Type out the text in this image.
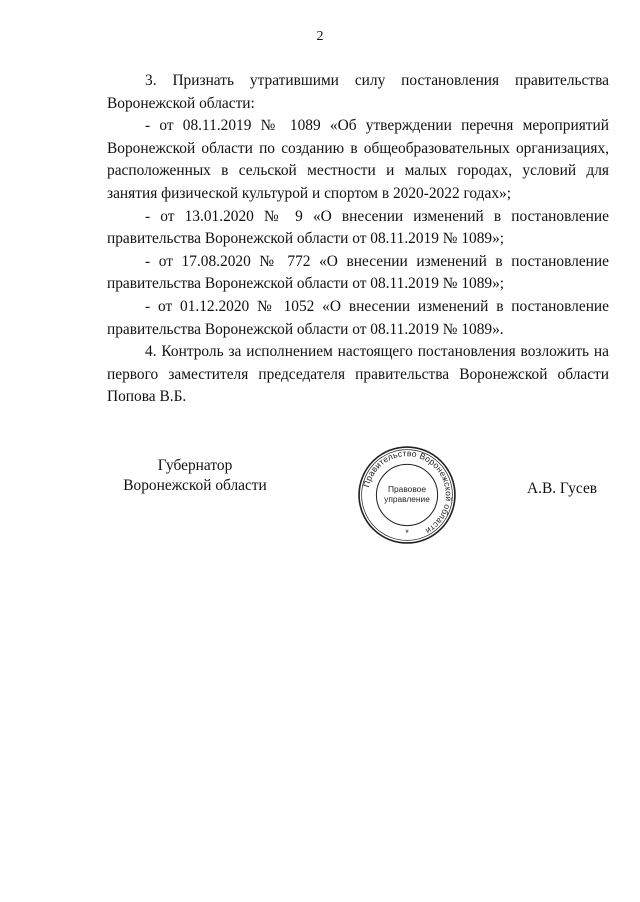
2

3. Признать утратившими силу постановления правительства Воронежской области:

- от 08.11.2019 № 1089 «Об утверждении перечня мероприятий Воронежской области по созданию в общеобразовательных организациях, расположенных в сельской местности и малых городах, условий для занятия физической культурой и спортом в 2020-2022 годах»;

- от 13.01.2020 № 9 «О внесении изменений в постановление правительства Воронежской области от 08.11.2019 № 1089»;

- от 17.08.2020 № 772 «О внесении изменений в постановление правительства Воронежской области от 08.11.2019 № 1089»;

- от 01.12.2020 № 1052 «О внесении изменений в постановление правительства Воронежской области от 08.11.2019 № 1089».

4. Контроль за исполнением настоящего постановления возложить на первого заместителя председателя правительства Воронежской области Попова В.Б.

Губернатор
Воронежской области	Правительство Воронежской области
Правовое
управление
*
А.В. Гусев
